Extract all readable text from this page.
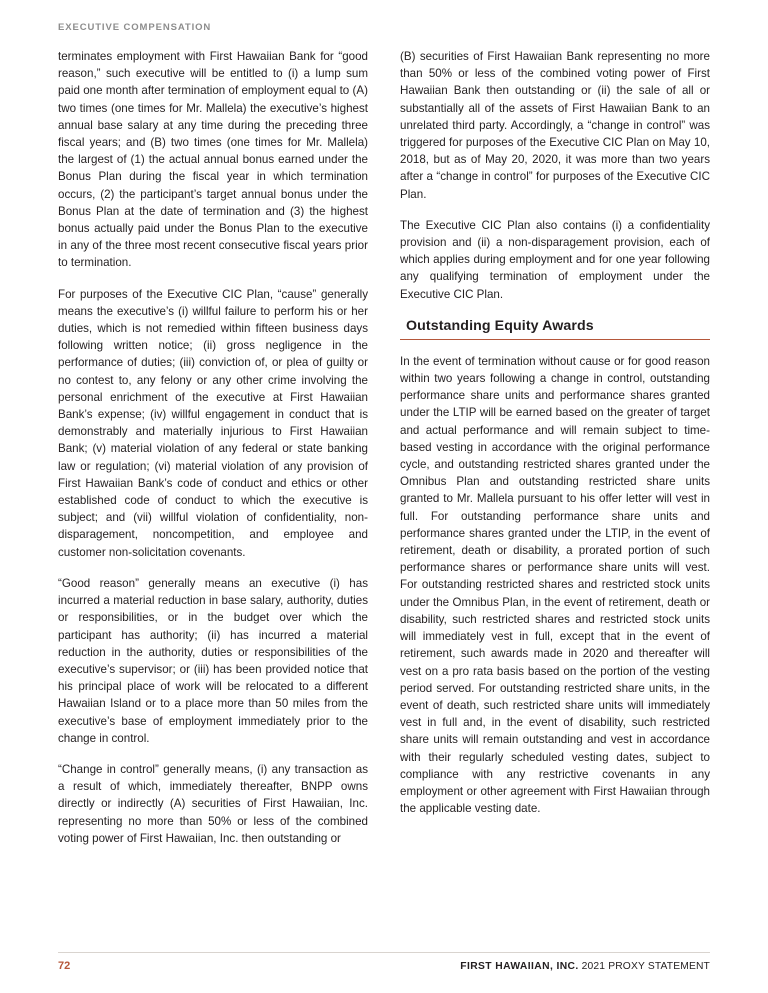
EXECUTIVE COMPENSATION

terminates employment with First Hawaiian Bank for “good reason,” such executive will be entitled to (i) a lump sum paid one month after termination of employment equal to (A) two times (one times for Mr. Mallela) the executive’s highest annual base salary at any time during the preceding three fiscal years; and (B) two times (one times for Mr. Mallela) the largest of (1) the actual annual bonus earned under the Bonus Plan during the fiscal year in which termination occurs, (2) the participant’s target annual bonus under the Bonus Plan at the date of termination and (3) the highest bonus actually paid under the Bonus Plan to the executive in any of the three most recent consecutive fiscal years prior to termination.

For purposes of the Executive CIC Plan, “cause” generally means the executive’s (i) willful failure to perform his or her duties, which is not remedied within fifteen business days following written notice; (ii) gross negligence in the performance of duties; (iii) conviction of, or plea of guilty or no contest to, any felony or any other crime involving the personal enrichment of the executive at First Hawaiian Bank’s expense; (iv) willful engagement in conduct that is demonstrably and materially injurious to First Hawaiian Bank; (v) material violation of any federal or state banking law or regulation; (vi) material violation of any provision of First Hawaiian Bank’s code of conduct and ethics or other established code of conduct to which the executive is subject; and (vii) willful violation of confidentiality, non-disparagement, noncompetition, and employee and customer non-solicitation covenants.

“Good reason” generally means an executive (i) has incurred a material reduction in base salary, authority, duties or responsibilities, or in the budget over which the participant has authority; (ii) has incurred a material reduction in the authority, duties or responsibilities of the executive’s supervisor; or (iii) has been provided notice that his principal place of work will be relocated to a different Hawaiian Island or to a place more than 50 miles from the executive’s base of employment immediately prior to the change in control.

“Change in control” generally means, (i) any transaction as a result of which, immediately thereafter, BNPP owns directly or indirectly (A) securities of First Hawaiian, Inc. representing no more than 50% or less of the combined voting power of First Hawaiian, Inc. then outstanding or

(B) securities of First Hawaiian Bank representing no more than 50% or less of the combined voting power of First Hawaiian Bank then outstanding or (ii) the sale of all or substantially all of the assets of First Hawaiian Bank to an unrelated third party. Accordingly, a “change in control” was triggered for purposes of the Executive CIC Plan on May 10, 2018, but as of May 20, 2020, it was more than two years after a “change in control” for purposes of the Executive CIC Plan.

The Executive CIC Plan also contains (i) a confidentiality provision and (ii) a non-disparagement provision, each of which applies during employment and for one year following any qualifying termination of employment under the Executive CIC Plan.

Outstanding Equity Awards

In the event of termination without cause or for good reason within two years following a change in control, outstanding performance share units and performance shares granted under the LTIP will be earned based on the greater of target and actual performance and will remain subject to time-based vesting in accordance with the original performance cycle, and outstanding restricted shares granted under the Omnibus Plan and outstanding restricted share units granted to Mr. Mallela pursuant to his offer letter will vest in full. For outstanding performance share units and performance shares granted under the LTIP, in the event of retirement, death or disability, a prorated portion of such performance shares or performance share units will vest. For outstanding restricted shares and restricted stock units under the Omnibus Plan, in the event of retirement, death or disability, such restricted shares and restricted stock units will immediately vest in full, except that in the event of retirement, such awards made in 2020 and thereafter will vest on a pro rata basis based on the portion of the vesting period served. For outstanding restricted share units, in the event of death, such restricted share units will immediately vest in full and, in the event of disability, such restricted share units will remain outstanding and vest in accordance with their regularly scheduled vesting dates, subject to compliance with any restrictive covenants in any employment or other agreement with First Hawaiian through the applicable vesting date.

72	FIRST HAWAIIAN, INC. 2021 PROXY STATEMENT
